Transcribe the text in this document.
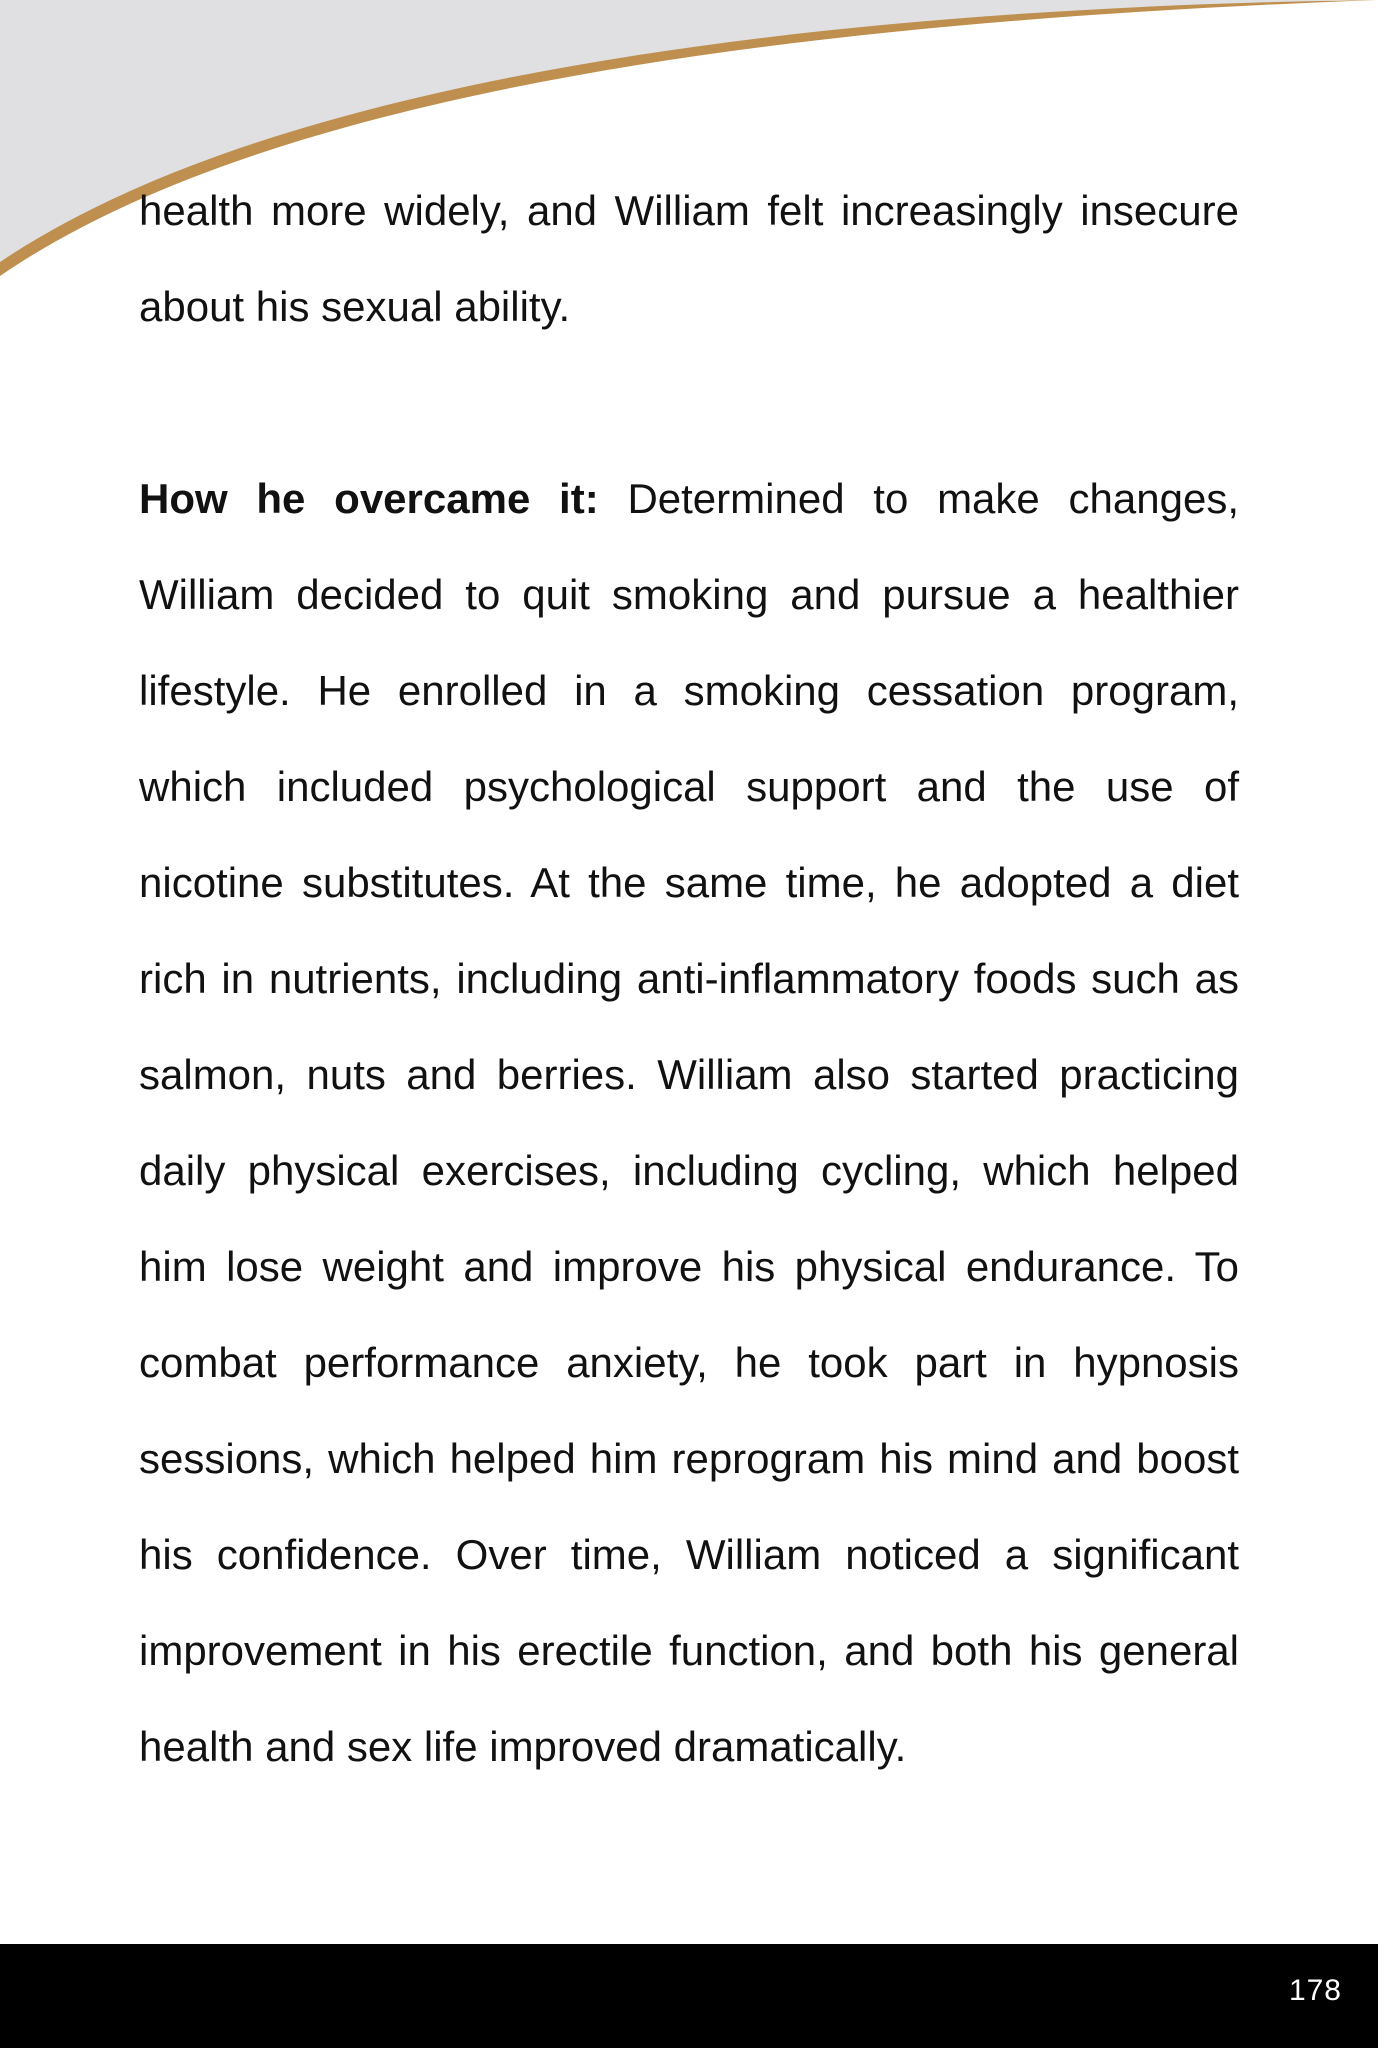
health more widely, and William felt increasingly insecure about his sexual ability.

How he overcame it: Determined to make changes, William decided to quit smoking and pursue a healthier lifestyle. He enrolled in a smoking cessation program, which included psychological support and the use of nicotine substitutes. At the same time, he adopted a diet rich in nutrients, including anti-inflammatory foods such as salmon, nuts and berries. William also started practicing daily physical exercises, including cycling, which helped him lose weight and improve his physical endurance. To combat performance anxiety, he took part in hypnosis sessions, which helped him reprogram his mind and boost his confidence. Over time, William noticed a significant improvement in his erectile function, and both his general health and sex life improved dramatically.

178
